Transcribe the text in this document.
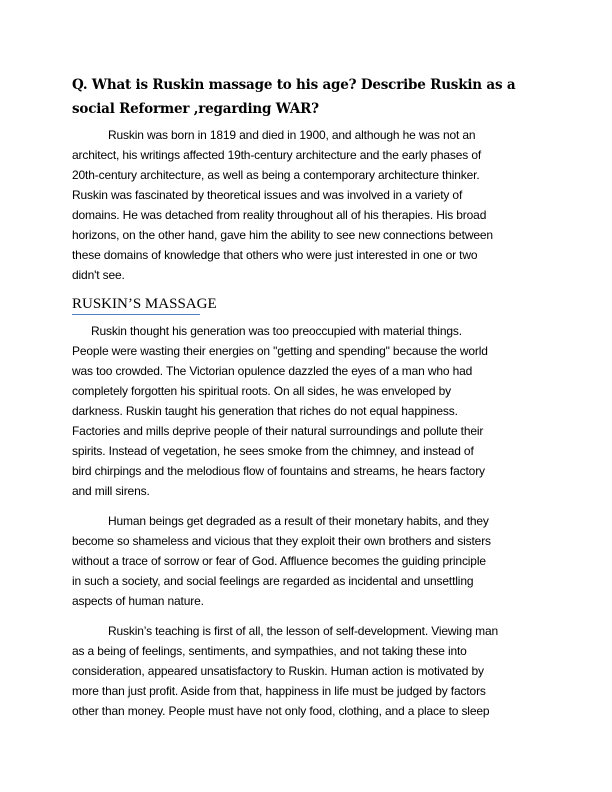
Q. What is Ruskin massage to his age? Describe Ruskin as a
social Reformer ,regarding WAR?
Ruskin was born in 1819 and died in 1900, and although he was not an
architect, his writings affected 19th-century architecture and the early phases of
20th-century architecture, as well as being a contemporary architecture thinker.
Ruskin was fascinated by theoretical issues and was involved in a variety of
domains. He was detached from reality throughout all of his therapies. His broad
horizons, on the other hand, gave him the ability to see new connections between
these domains of knowledge that others who were just interested in one or two
didn't see.
RUSKIN’S MASSAGE
Ruskin thought his generation was too preoccupied with material things.
People were wasting their energies on "getting and spending" because the world
was too crowded. The Victorian opulence dazzled the eyes of a man who had
completely forgotten his spiritual roots. On all sides, he was enveloped by
darkness. Ruskin taught his generation that riches do not equal happiness.
Factories and mills deprive people of their natural surroundings and pollute their
spirits. Instead of vegetation, he sees smoke from the chimney, and instead of
bird chirpings and the melodious flow of fountains and streams, he hears factory
and mill sirens.
Human beings get degraded as a result of their monetary habits, and they
become so shameless and vicious that they exploit their own brothers and sisters
without a trace of sorrow or fear of God. Affluence becomes the guiding principle
in such a society, and social feelings are regarded as incidental and unsettling
aspects of human nature.
Ruskin’s teaching is first of all, the lesson of self-development. Viewing man
as a being of feelings, sentiments, and sympathies, and not taking these into
consideration, appeared unsatisfactory to Ruskin. Human action is motivated by
more than just profit. Aside from that, happiness in life must be judged by factors
other than money. People must have not only food, clothing, and a place to sleep
